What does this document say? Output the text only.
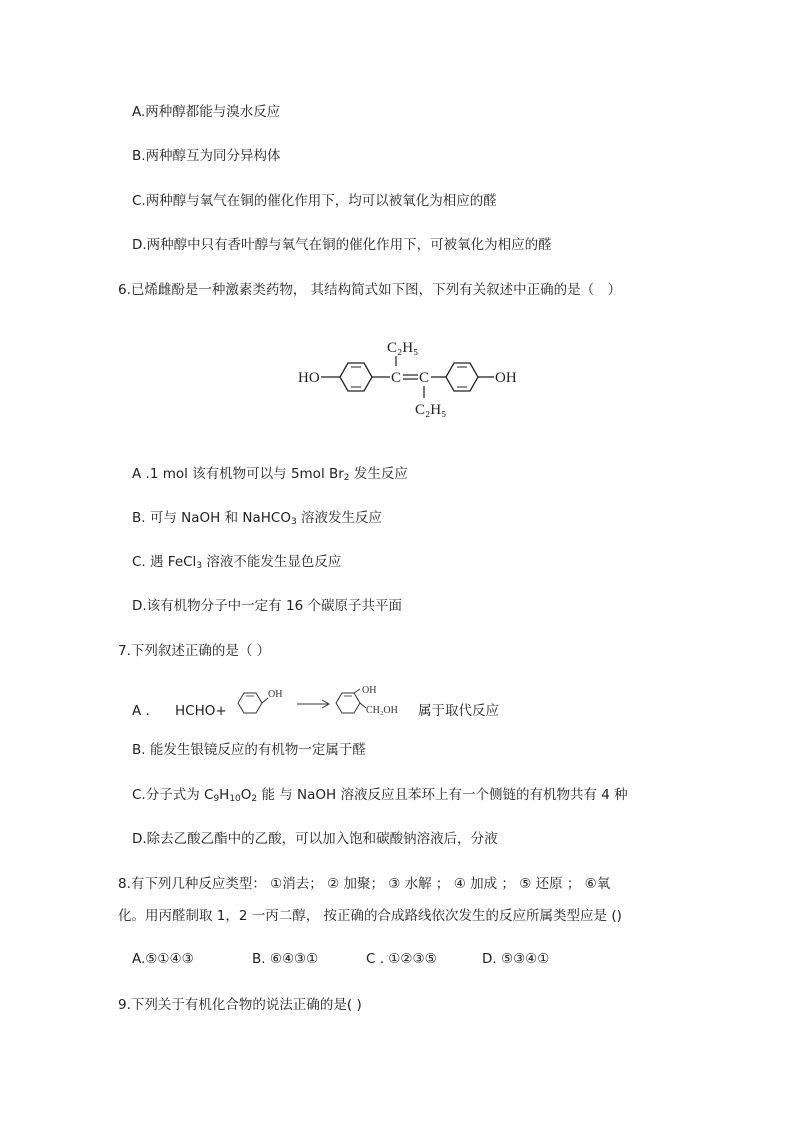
A.两种醇都能与溴水反应
B.两种醇互为同分异构体
C.两种醇与氧气在铜的催化作用下，均可以被氧化为相应的醛
D.两种醇中只有香叶醇与氧气在铜的催化作用下，可被氧化为相应的醛
6.已烯雌酚是一种激素类药物， 其结构简式如下图，下列有关叙述中正确的是（　）
HO	C C
C₂H₅
C₂H₅
OH
A .1 mol 该有机物可以与 5mol $Br_2$ 发生反应
B. 可与 NaOH 和 NaHCO$_3$ 溶液发生反应
C. 遇 FeCl$_3$ 溶液不能发生显色反应
D.该有机物分子中一定有 16 个碳原子共平面
7.下列叙述正确的是（ ）
A . HCHO+
OH	OH
CH₂OH 属于取代反应
B. 能发生银镜反应的有机物一定属于醛
C.分子式为 $C_9H_{10}O_2$ 能 与 NaOH 溶液反应且苯环上有一个侧链的有机物共有 4 种
D.除去乙酸乙酯中的乙酸，可以加入饱和碳酸钠溶液后，分液
8.有下列几种反应类型： ①消去； ② 加聚； ③ 水解 ； ④ 加成 ； ⑤ 还原 ； ⑥氧
化。用丙醛制取 1，2 一丙二醇， 按正确的合成路线依次发生的反应所属类型应是 ()
A.⑤①④③	B. ⑥④③①	C . ①②③⑤	D. ⑤③④①
9.下列关于有机化合物的说法正确的是( )
